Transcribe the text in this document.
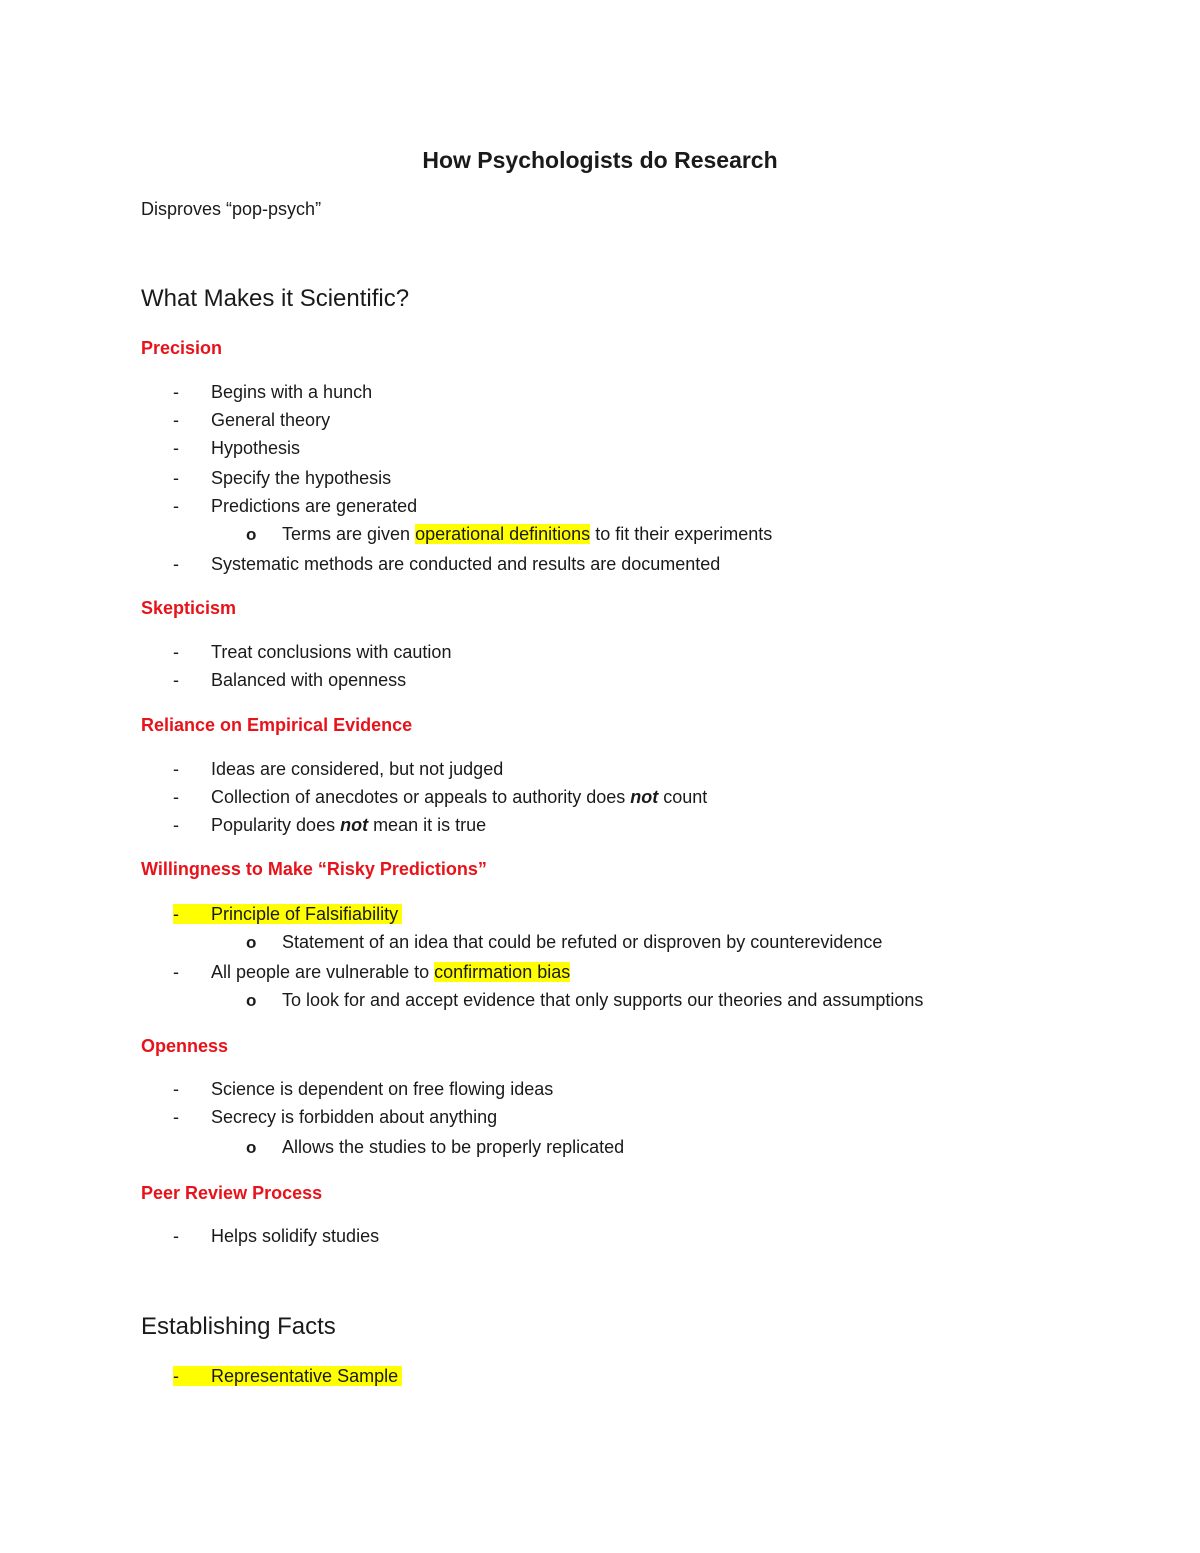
How Psychologists do Research
Disproves “pop-psych”
What Makes it Scientific?
Precision
- Begins with a hunch
- General theory
- Hypothesis
- Specify the hypothesis
- Predictions are generated
o Terms are given operational definitions to fit their experiments
- Systematic methods are conducted and results are documented
Skepticism
- Treat conclusions with caution
- Balanced with openness
Reliance on Empirical Evidence
- Ideas are considered, but not judged
- Collection of anecdotes or appeals to authority does not count
- Popularity does not mean it is true
Willingness to Make “Risky Predictions”
- Principle of Falsifiability
o Statement of an idea that could be refuted or disproven by counterevidence
- All people are vulnerable to confirmation bias
o To look for and accept evidence that only supports our theories and assumptions
Openness
- Science is dependent on free flowing ideas
- Secrecy is forbidden about anything
o Allows the studies to be properly replicated
Peer Review Process
- Helps solidify studies
Establishing Facts
- Representative Sample
